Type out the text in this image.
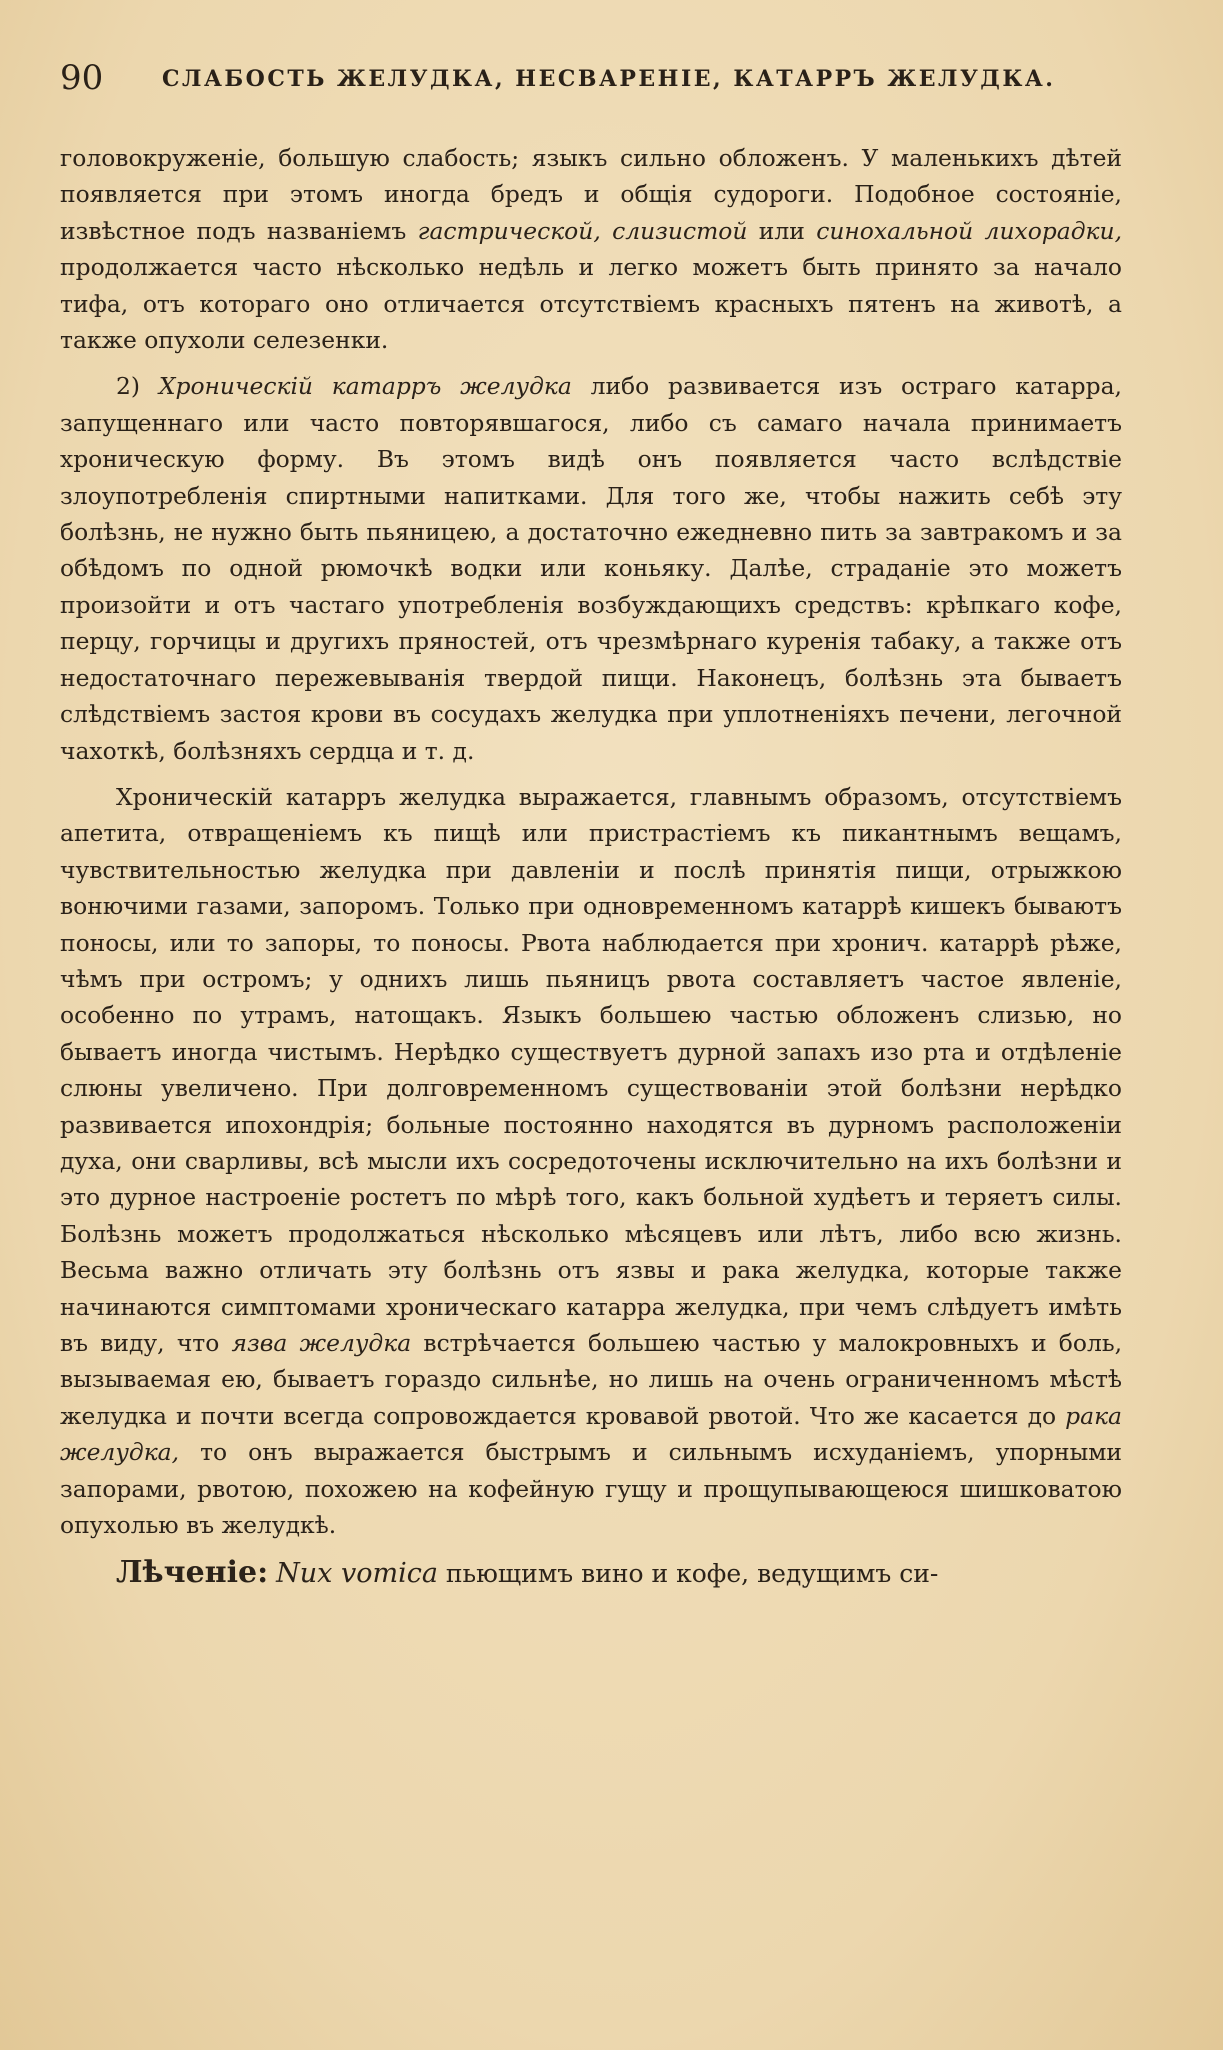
90	СЛАБОСТЬ ЖЕЛУДКА, НЕСВАРЕНІЕ, КАТАРРЪ ЖЕЛУДКА.

головокруженіе, большую слабость; языкъ сильно обложенъ. У маленькихъ дѣтей появляется при этомъ иногда бредъ и общія судороги. Подобное состояніе, извѣстное подъ названіемъ гастрической, слизистой или синохальной лихорадки, продолжается часто нѣсколько недѣль и легко можетъ быть принято за начало тифа, отъ котораго оно отличается отсутствіемъ красныхъ пятенъ на животѣ, а также опухоли селезенки.

2) Хроническій катарръ желудка либо развивается изъ остраго катарра, запущеннаго или часто повторявшагося, либо съ самаго начала принимаетъ хроническую форму. Въ этомъ видѣ онъ появляется часто вслѣдствіе злоупотребленія спиртными напитками. Для того же, чтобы нажить себѣ эту болѣзнь, не нужно быть пьяницею, а достаточно ежедневно пить за завтракомъ и за обѣдомъ по одной рюмочкѣ водки или коньяку. Далѣе, страданіе это можетъ произойти и отъ частаго употребленія возбуждающихъ средствъ: крѣпкаго кофе, перцу, горчицы и другихъ пряностей, отъ чрезмѣрнаго куренія табаку, а также отъ недостаточнаго пережевыванія твердой пищи. Наконецъ, болѣзнь эта бываетъ слѣдствіемъ застоя крови въ сосудахъ желудка при уплотненіяхъ печени, легочной чахоткѣ, болѣзняхъ сердца и т. д.

Хроническій катарръ желудка выражается, главнымъ образомъ, отсутствіемъ апетита, отвращеніемъ къ пищѣ или пристрастіемъ къ пикантнымъ вещамъ, чувствительностью желудка при давленіи и послѣ принятія пищи, отрыжкою вонючими газами, запоромъ. Только при одновременномъ катаррѣ кишекъ бываютъ поносы, или то запоры, то поносы. Рвота наблюдается при хронич. катаррѣ рѣже, чѣмъ при остромъ; у однихъ лишь пьяницъ рвота составляетъ частое явленіе, особенно по утрамъ, натощакъ. Языкъ большею частью обложенъ слизью, но бываетъ иногда чистымъ. Нерѣдко существуетъ дурной запахъ изо рта и отдѣленіе слюны увеличено. При долговременномъ существованіи этой болѣзни нерѣдко развивается ипохондрія; больные постоянно находятся въ дурномъ расположеніи духа, они сварливы, всѣ мысли ихъ сосредоточены исключительно на ихъ болѣзни и это дурное настроеніе ростетъ по мѣрѣ того, какъ больной худѣетъ и теряетъ силы. Болѣзнь можетъ продолжаться нѣсколько мѣсяцевъ или лѣтъ, либо всю жизнь. Весьма важно отличать эту болѣзнь отъ язвы и рака желудка, которые также начинаются симптомами хроническаго катарра желудка, при чемъ слѣдуетъ имѣть въ виду, что язва желудка встрѣчается большею частью у малокровныхъ и боль, вызываемая ею, бываетъ гораздо сильнѣе, но лишь на очень ограниченномъ мѣстѣ желудка и почти всегда сопровождается кровавой рвотой. Что же касается до рака желудка, то онъ выражается быстрымъ и сильнымъ исхуданіемъ, упорными запорами, рвотою, похожею на кофейную гущу и прощупывающеюся шишковатою опухолью въ желудкѣ.

Лѣченіе: Nux vomica пьющимъ вино и кофе, ведущимъ си-
